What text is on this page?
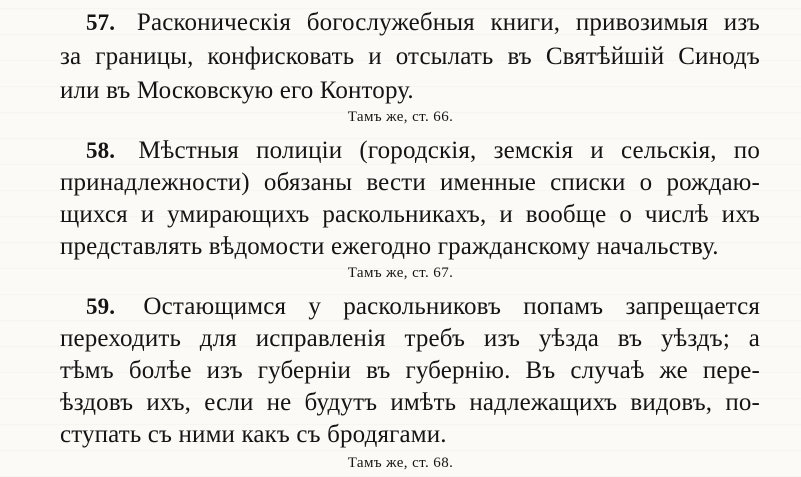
57. Расконическія богослужебныя книги, привозимыя изъ
за границы, конфисковать и отсылать въ Святѣйшій Синодъ
или въ Московскую его Контору.
Тамъ же, ст. 66.
58. Мѣстныя полиціи (городскія, земскія и сельскія, по
принадлежности) обязаны вести именные списки о рождаю-
щихся и умирающихъ раскольникахъ, и вообще о числѣ ихъ
представлять вѣдомости ежегодно гражданскому начальству.
Тамъ же, ст. 67.
59. Остающимся у раскольниковъ попамъ запрещается
переходить для исправленія требъ изъ уѣзда въ уѣздъ; а
тѣмъ болѣе изъ губерніи въ губернію. Въ случаѣ же пере-
ѣздовъ ихъ, если не будутъ имѣть надлежащихъ видовъ, по-
ступать съ ними какъ съ бродягами.
Тамъ же, ст. 68.
